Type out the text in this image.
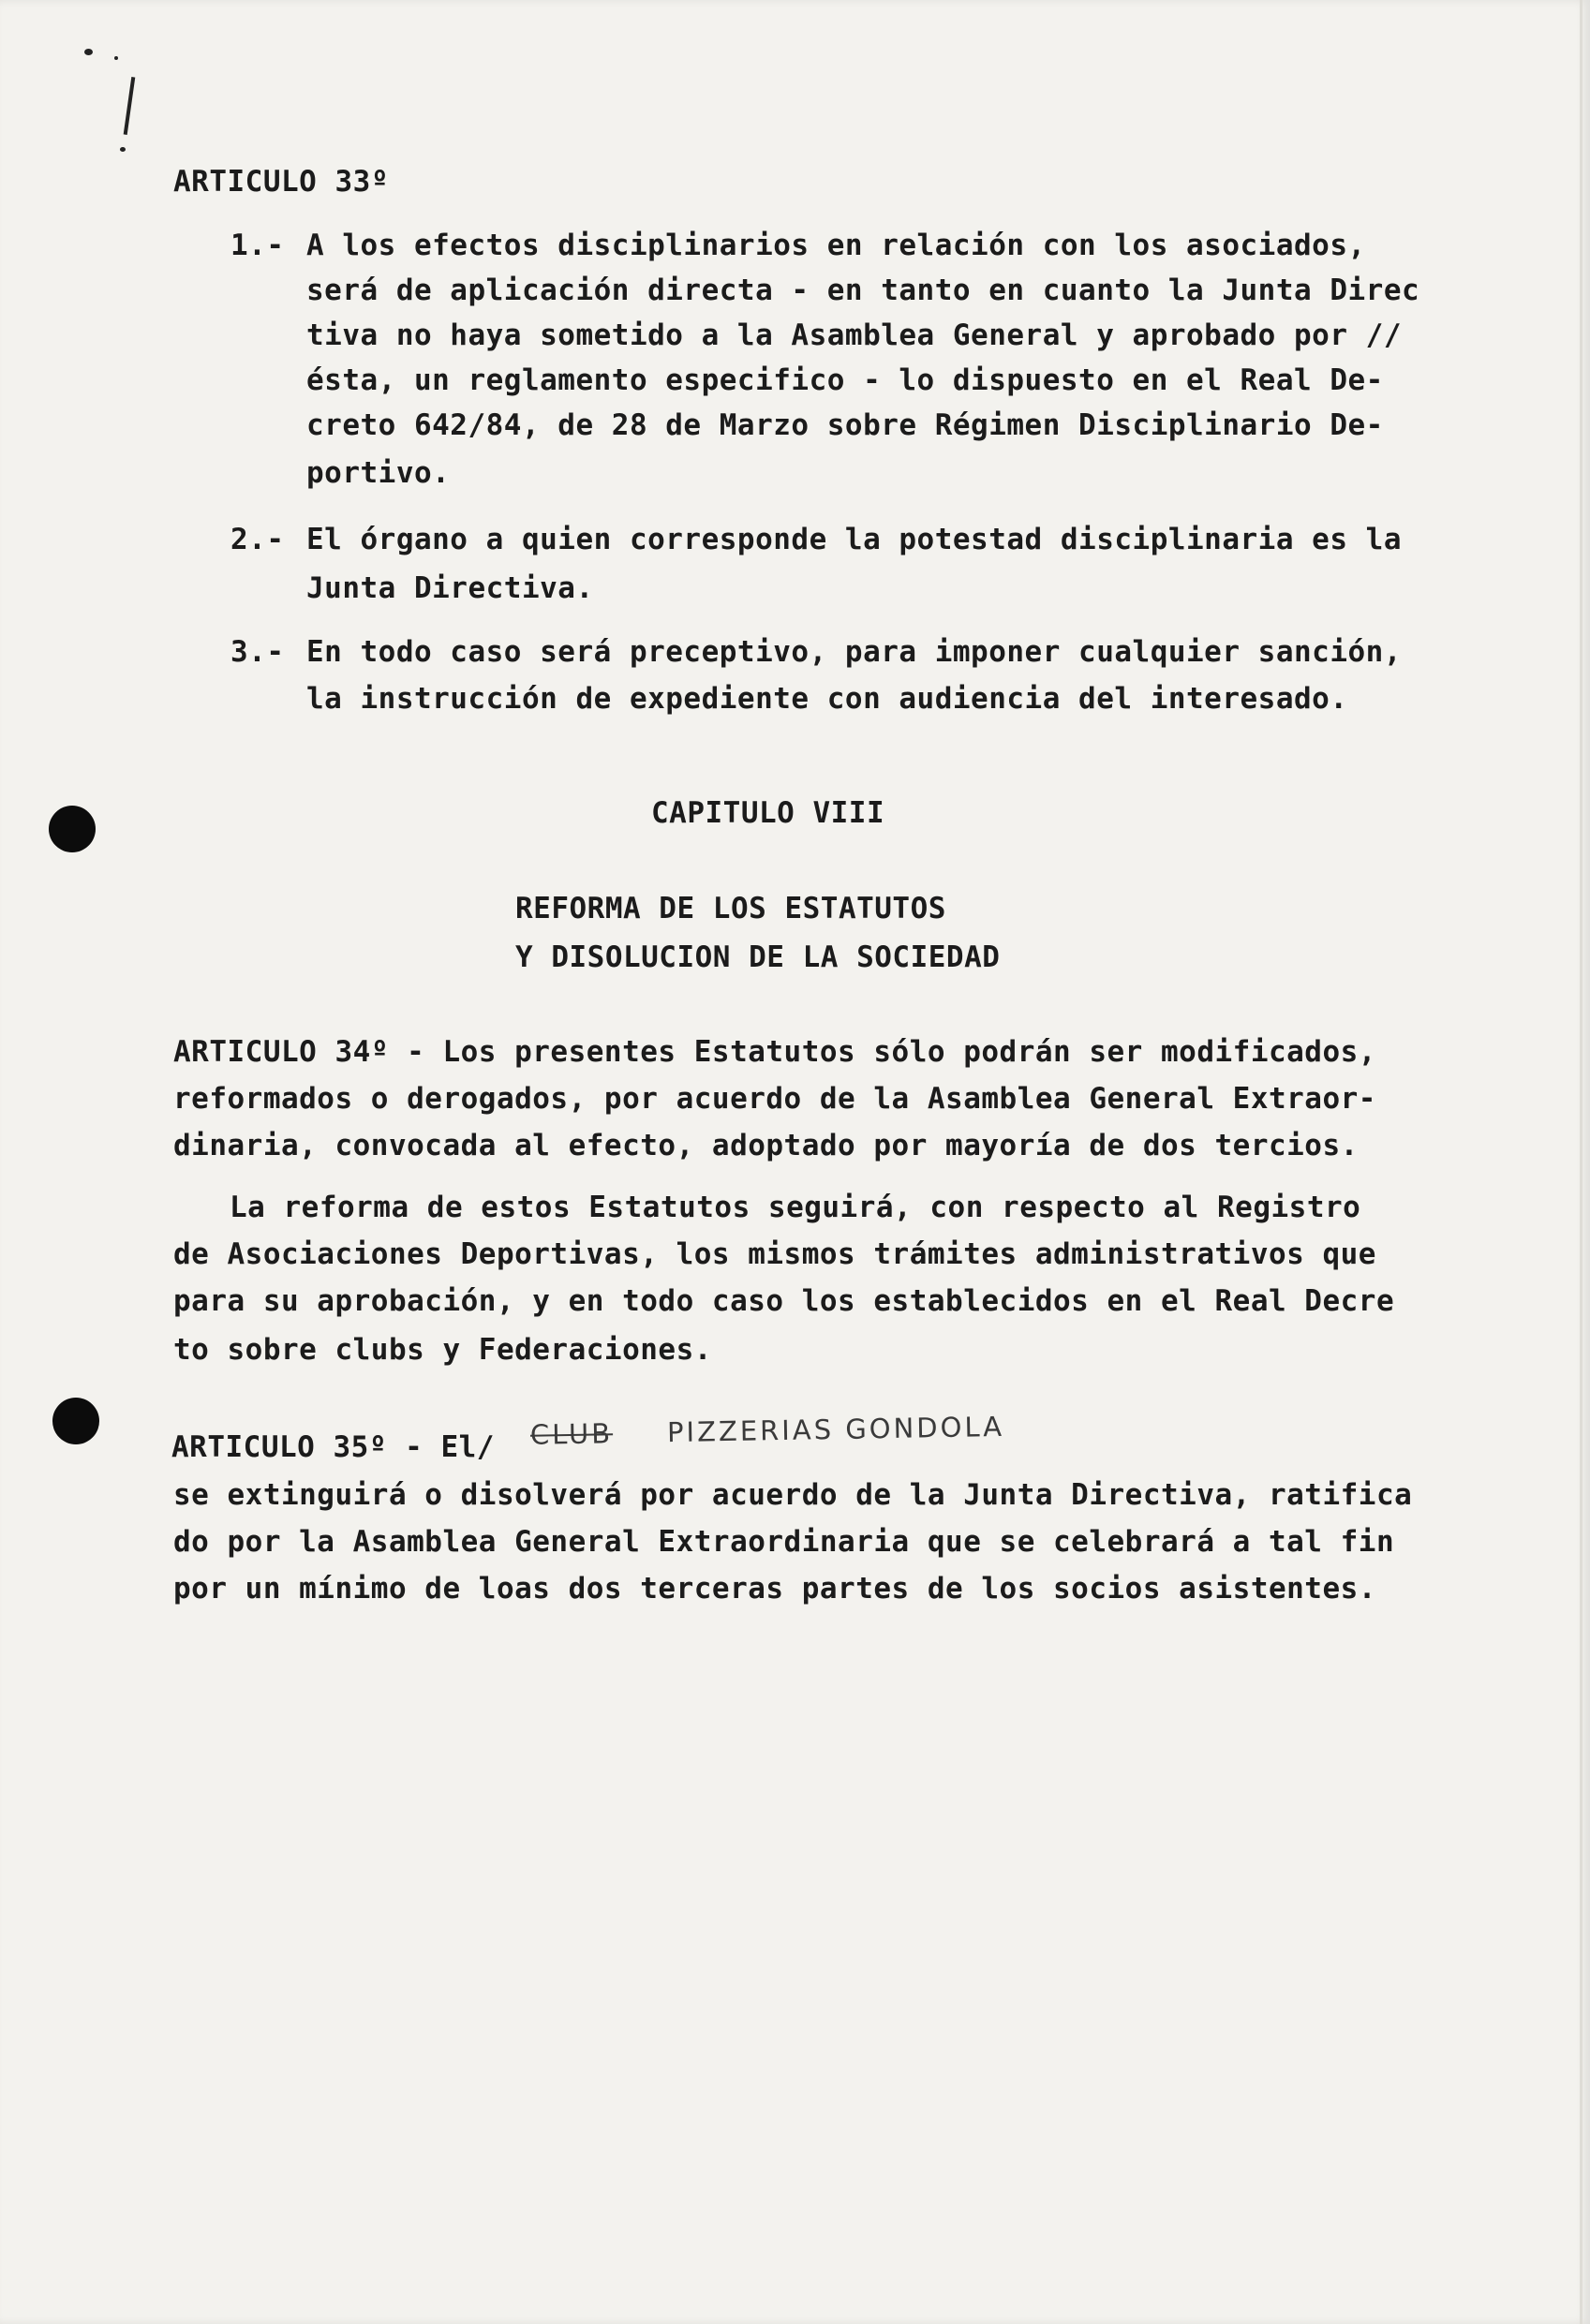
ARTICULO 33º
1.- A los efectos disciplinarios en relación con los asociados,
será de aplicación directa - en tanto en cuanto la Junta Direc
tiva no haya sometido a la Asamblea General y aprobado por //
ésta, un reglamento especifico - lo dispuesto en el Real De-
creto 642/84, de 28 de Marzo sobre Régimen Disciplinario De-
portivo.
2.- El órgano a quien corresponde la potestad disciplinaria es la
Junta Directiva.
3.- En todo caso será preceptivo, para imponer cualquier sanción,
la instrucción de expediente con audiencia del interesado.
CAPITULO VIII
REFORMA DE LOS ESTATUTOS
Y DISOLUCION DE LA SOCIEDAD
ARTICULO 34º - Los presentes Estatutos sólo podrán ser modificados,
reformados o derogados, por acuerdo de la Asamblea General Extraor-
dinaria, convocada al efecto, adoptado por mayoría de dos tercios.
La reforma de estos Estatutos seguirá, con respecto al Registro
de Asociaciones Deportivas, los mismos trámites administrativos que
para su aprobación, y en todo caso los establecidos en el Real Decre
to sobre clubs y Federaciones.
ARTICULO 35º - El/ CLUB PIZZERIAS GONDOLA
se extinguirá o disolverá por acuerdo de la Junta Directiva, ratifica
do por la Asamblea General Extraordinaria que se celebrará a tal fin
por un mínimo de loas dos terceras partes de los socios asistentes.
